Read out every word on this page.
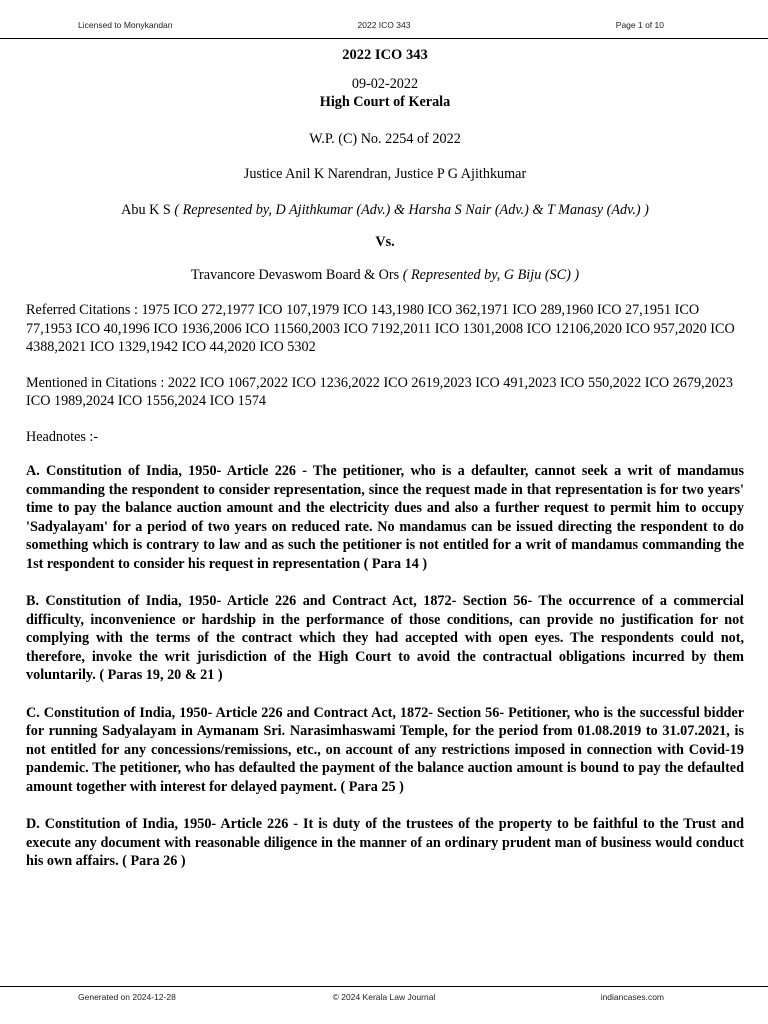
Licensed to Monykandan	2022 ICO 343	Page 1 of 10

2022 ICO 343

09-02-2022

High Court of Kerala

W.P. (C) No. 2254 of 2022

Justice Anil K Narendran, Justice P G Ajithkumar

Abu K S ( Represented by, D Ajithkumar (Adv.) & Harsha S Nair (Adv.) & T Manasy (Adv.) )

Vs.

Travancore Devaswom Board & Ors ( Represented by, G Biju (SC) )

Referred Citations : 1975 ICO 272,1977 ICO 107,1979 ICO 143,1980 ICO 362,1971 ICO 289,1960 ICO 27,1951 ICO 77,1953 ICO 40,1996 ICO 1936,2006 ICO 11560,2003 ICO 7192,2011 ICO 1301,2008 ICO 12106,2020 ICO 957,2020 ICO 4388,2021 ICO 1329,1942 ICO 44,2020 ICO 5302

Mentioned in Citations : 2022 ICO 1067,2022 ICO 1236,2022 ICO 2619,2023 ICO 491,2023 ICO 550,2022 ICO 2679,2023 ICO 1989,2024 ICO 1556,2024 ICO 1574

Headnotes :-

A. Constitution of India, 1950- Article 226 - The petitioner, who is a defaulter, cannot seek a writ of mandamus commanding the respondent to consider representation, since the request made in that representation is for two years' time to pay the balance auction amount and the electricity dues and also a further request to permit him to occupy 'Sadyalayam' for a period of two years on reduced rate. No mandamus can be issued directing the respondent to do something which is contrary to law and as such the petitioner is not entitled for a writ of mandamus commanding the 1st respondent to consider his request in representation ( Para 14 )

B. Constitution of India, 1950- Article 226 and Contract Act, 1872- Section 56- The occurrence of a commercial difficulty, inconvenience or hardship in the performance of those conditions, can provide no justification for not complying with the terms of the contract which they had accepted with open eyes. The respondents could not, therefore, invoke the writ jurisdiction of the High Court to avoid the contractual obligations incurred by them voluntarily. ( Paras 19, 20 & 21 )

C. Constitution of India, 1950- Article 226 and Contract Act, 1872- Section 56- Petitioner, who is the successful bidder for running Sadyalayam in Aymanam Sri. Narasimhaswami Temple, for the period from 01.08.2019 to 31.07.2021, is not entitled for any concessions/remissions, etc., on account of any restrictions imposed in connection with Covid-19 pandemic. The petitioner, who has defaulted the payment of the balance auction amount is bound to pay the defaulted amount together with interest for delayed payment. ( Para 25 )

D. Constitution of India, 1950- Article 226 - It is duty of the trustees of the property to be faithful to the Trust and execute any document with reasonable diligence in the manner of an ordinary prudent man of business would conduct his own affairs. ( Para 26 )

Generated on 2024-12-28	© 2024 Kerala Law Journal	indiancases.com
